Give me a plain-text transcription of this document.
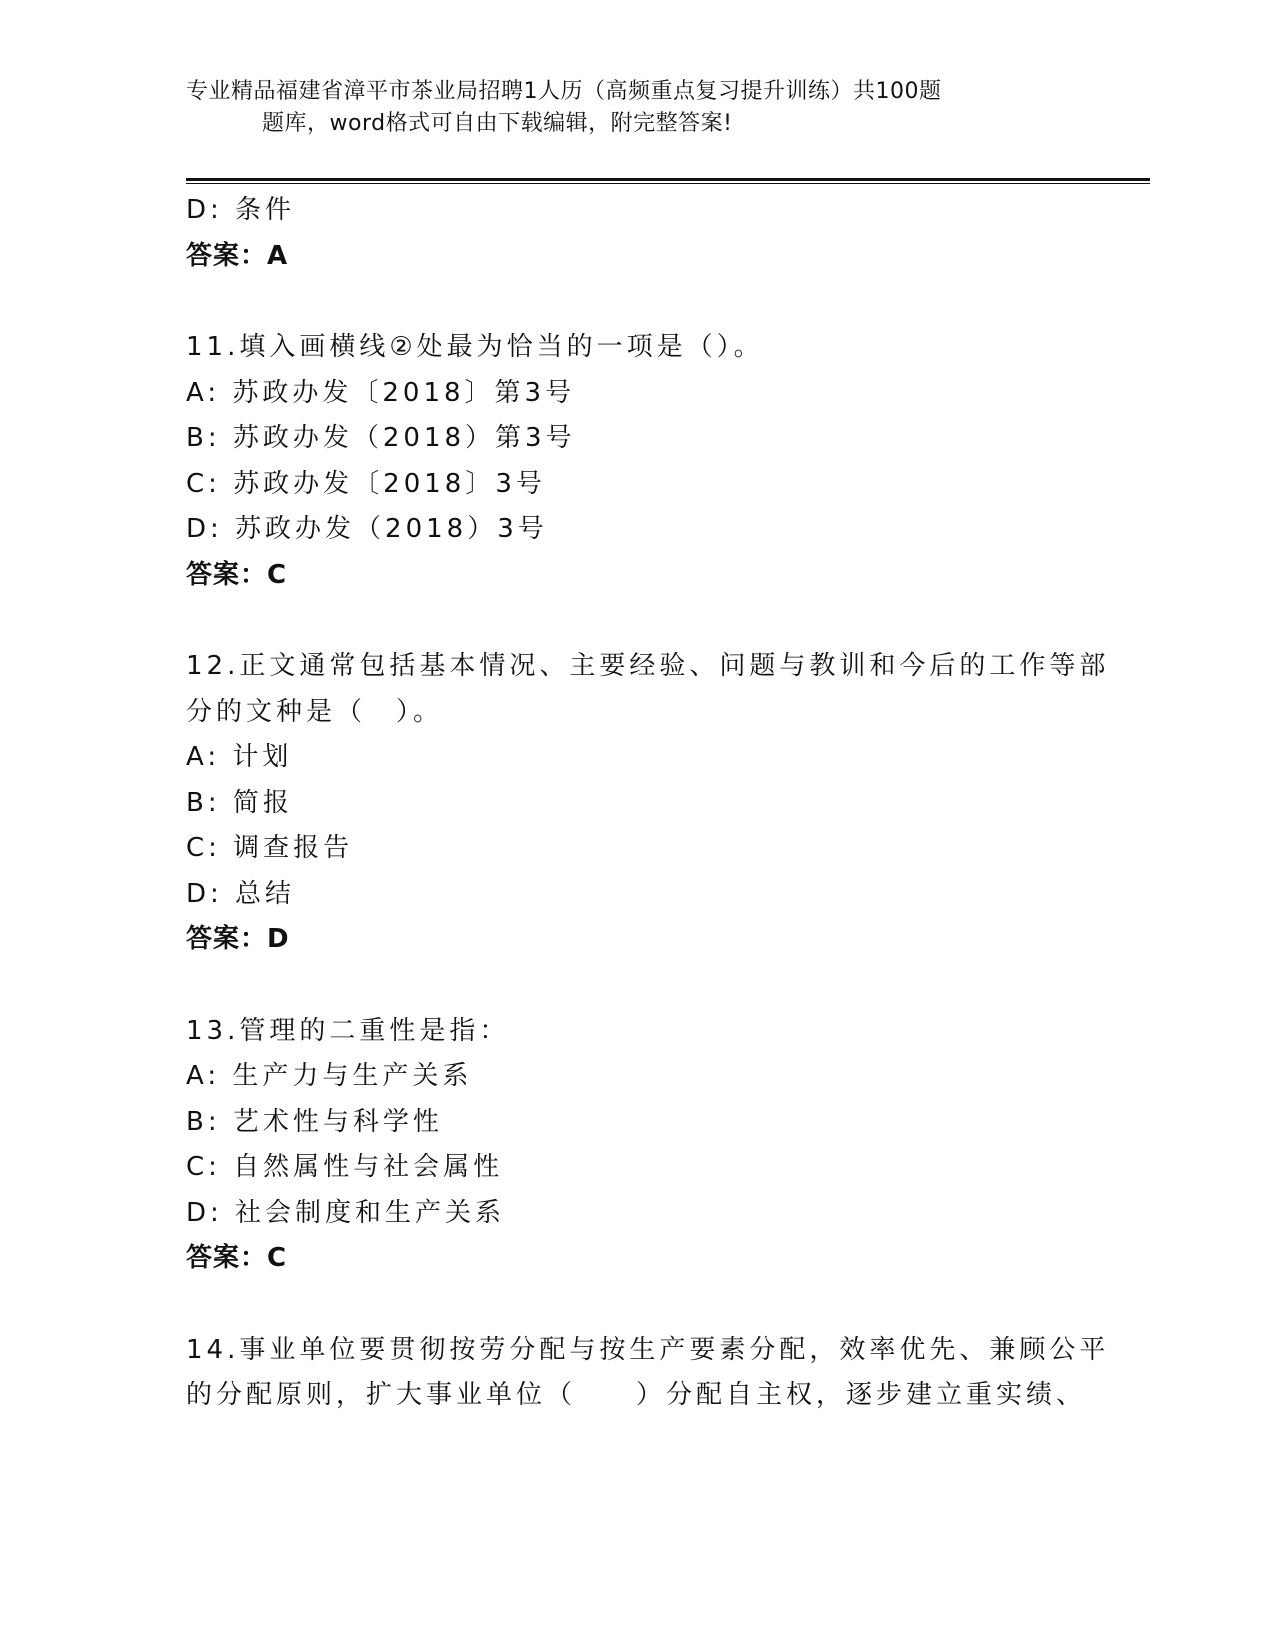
专业精品福建省漳平市茶业局招聘1人历（高频重点复习提升训练）共100题
题库，word格式可自由下载编辑，附完整答案!
D: 条件
答案：A
11.填入画横线②处最为恰当的一项是（）。
A: 苏政办发〔2018〕第3号
B: 苏政办发（2018）第3号
C: 苏政办发〔2018〕3号
D: 苏政办发（2018）3号
答案：C
12.正文通常包括基本情况、主要经验、问题与教训和今后的工作等部
分的文种是（　）。
A: 计划
B: 简报
C: 调查报告
D: 总结
答案：D
13.管理的二重性是指：
A: 生产力与生产关系
B: 艺术性与科学性
C: 自然属性与社会属性
D: 社会制度和生产关系
答案：C
14.事业单位要贯彻按劳分配与按生产要素分配，效率优先、兼顾公平
的分配原则，扩大事业单位（　　）分配自主权，逐步建立重实绩、
